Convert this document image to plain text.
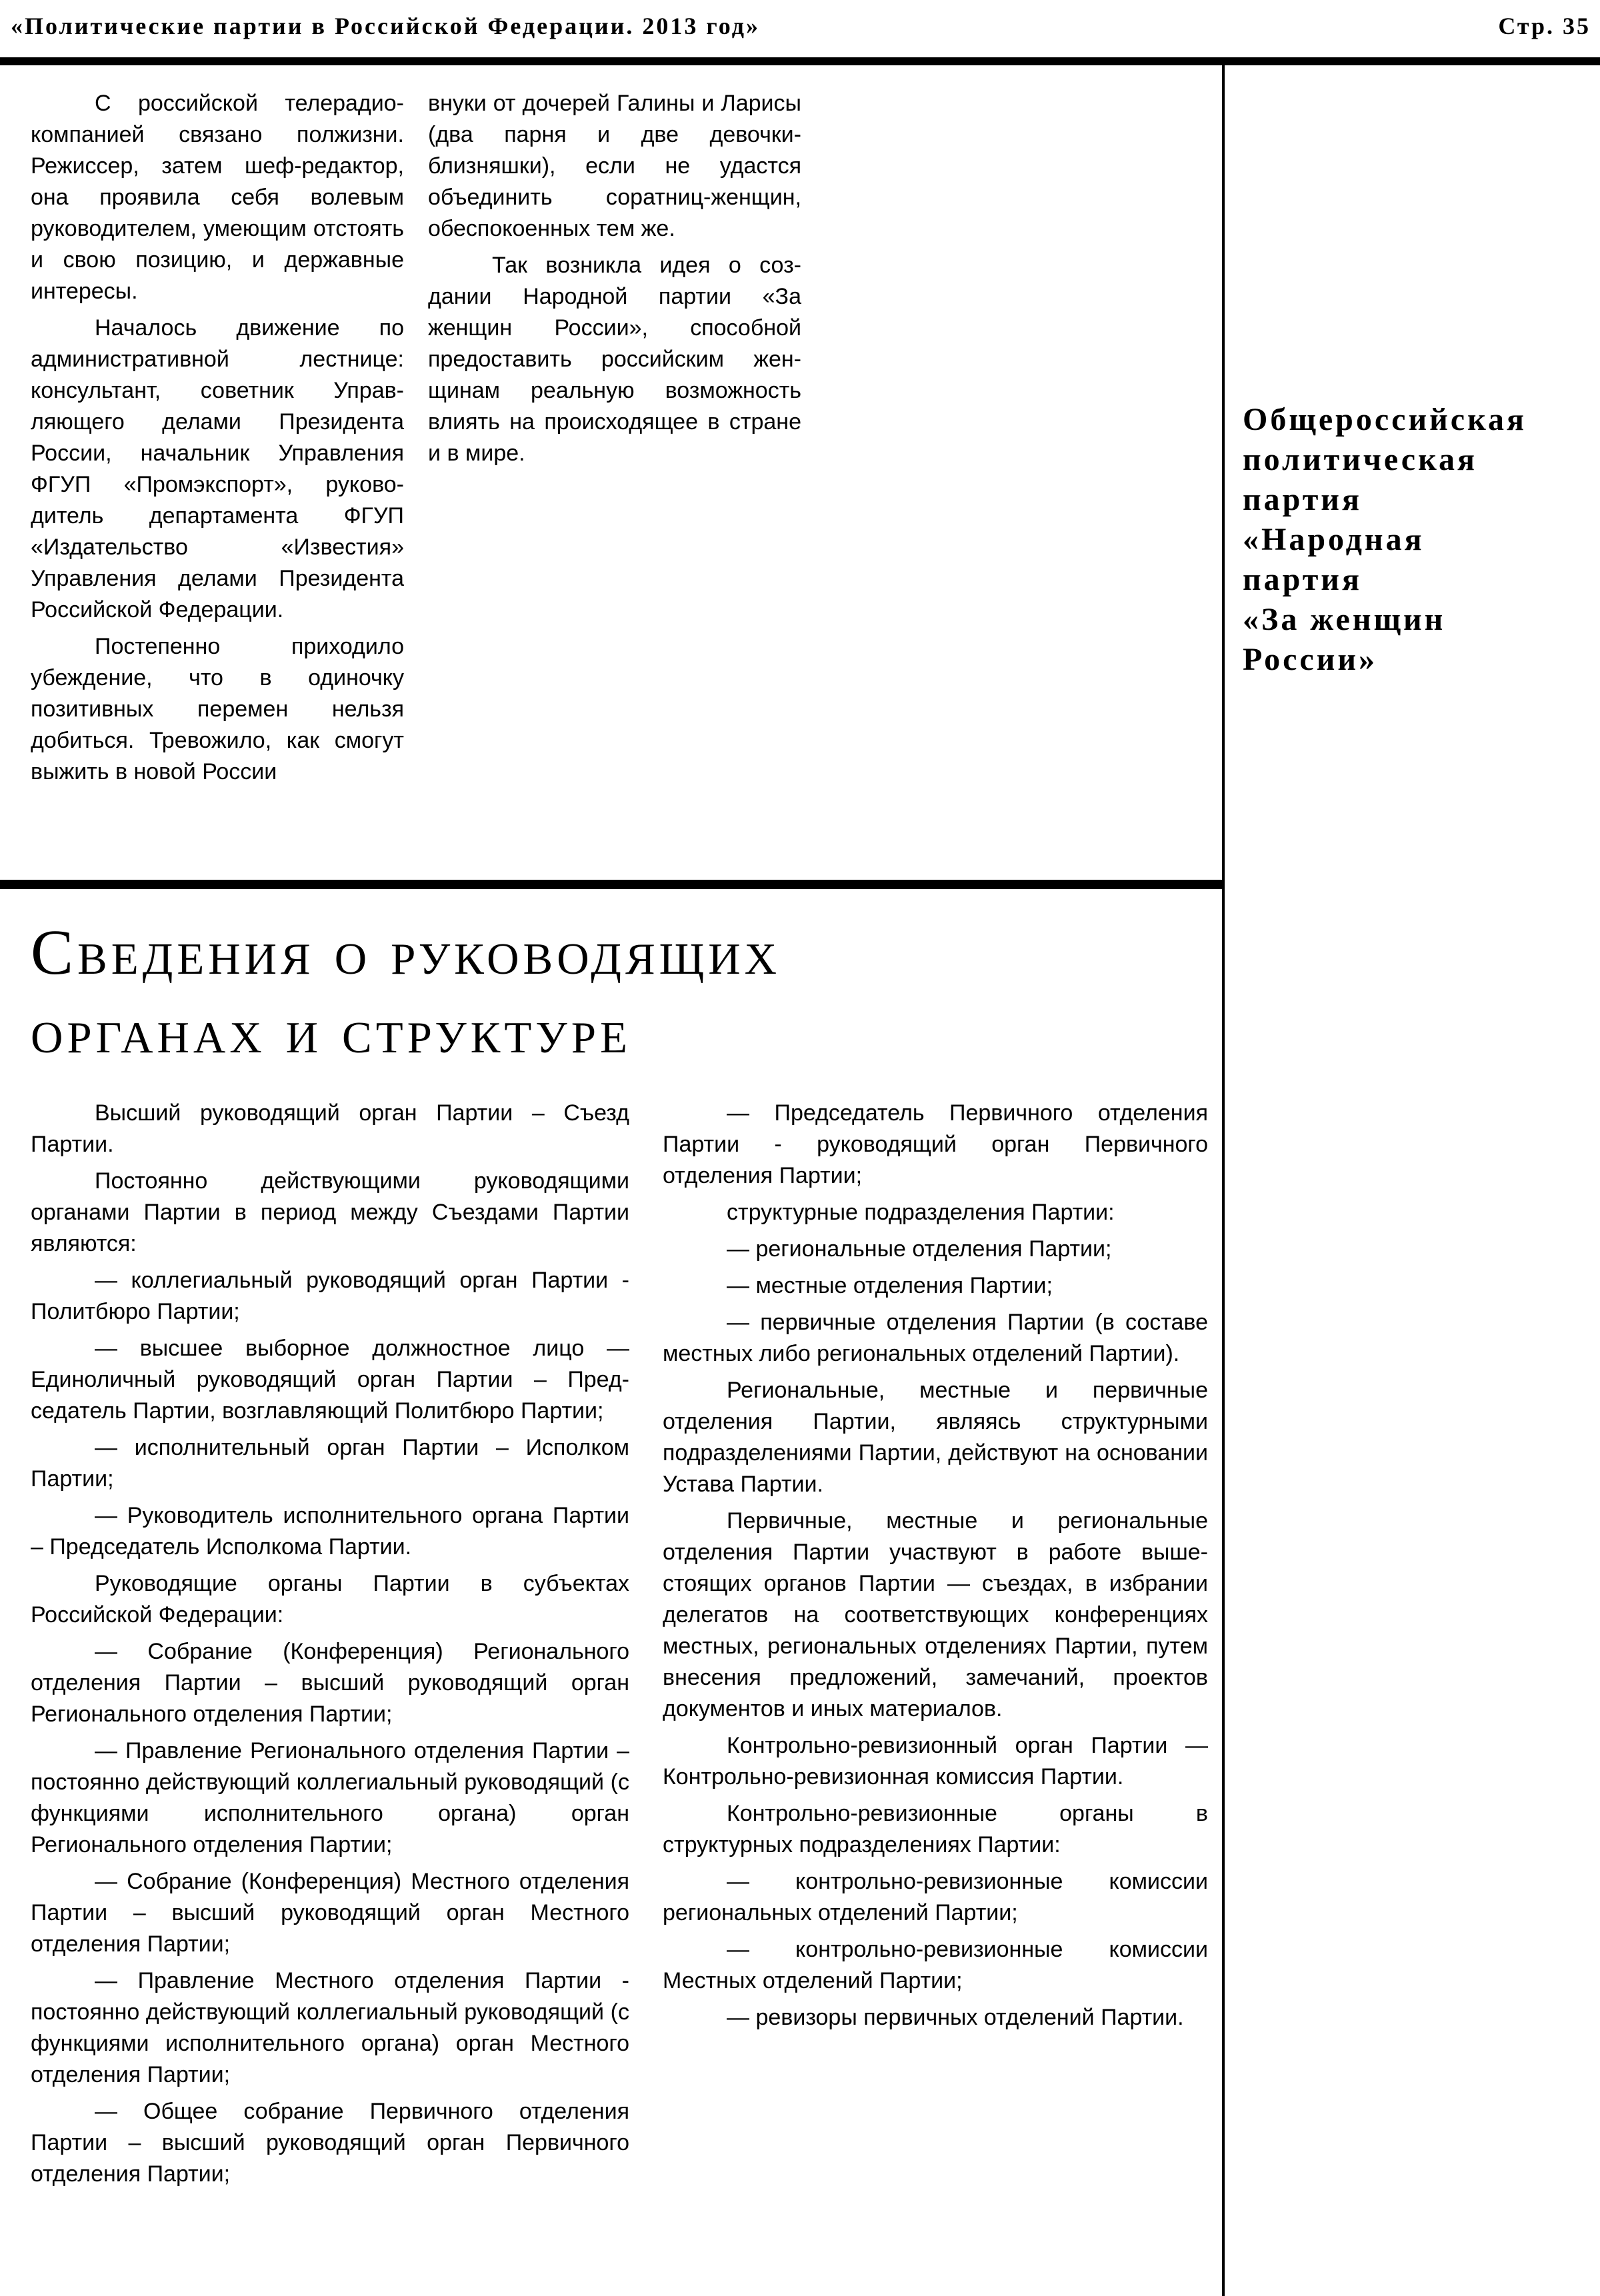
«Политические партии в Российской Федерации. 2013 год»	Стр. 35

С российской телерадиокомпанией связано полжизни. Режиссер, затем шеф-редактор, она проявила себя волевым руководителем, умеющим отстоять и свою позицию, и державные интересы.

Началось движение по административной лестнице: консультант, советник Управляющего делами Президента России, начальник Управления ФГУП «Промэкспорт», руководитель департамента ФГУП «Издательство «Известия» Управления делами Президента Российской Федерации.

Постепенно приходило убеждение, что в одиночку позитивных перемен нельзя добиться. Тревожило, как смогут выжить в новой России

внуки от дочерей Галины и Ларисы (два парня и две девочки-близняшки), если не удастся объединить соратниц-женщин, обеспокоенных тем же.

Так возникла идея о создании Народной партии «За женщин России», способной предоставить российским женщинам реальную возможность влиять на происходящее в стране и в мире.

Общероссийская
политическая
партия
«Народная
партия
«За женщин
России»
Сведения о руководящих
органах и структуре

Высший руководящий орган Партии – Съезд Партии.

Постоянно действующими руководящими органами Партии в период между Съездами Партии являются:

— коллегиальный руководящий орган Партии - Политбюро Партии;

— высшее выборное должностное лицо — Единоличный руководящий орган Партии – Председатель Партии, возглавляющий Политбюро Партии;

— исполнительный орган Партии – Исполком Партии;

— Руководитель исполнительного органа Партии – Председатель Исполкома Партии.

Руководящие органы Партии в субъектах Российской Федерации:

— Собрание (Конференция) Регионального отделения Партии – высший руководящий орган Регионального отделения Партии;

— Правление Регионального отделения Партии – постоянно действующий коллегиальный руководящий (с функциями исполнительного органа) орган Регионального отделения Партии;

— Собрание (Конференция) Местного отделения Партии – высший руководящий орган Местного отделения Партии;

— Правление Местного отделения Партии - постоянно действующий коллегиальный руководящий (с функциями исполнительного органа) орган Местного отделения Партии;

— Общее собрание Первичного отделения Партии – высший руководящий орган Первичного отделения Партии;

— Председатель Первичного отделения Партии - руководящий орган Первичного отделения Партии;

структурные подразделения Партии:

— региональные отделения Партии;

— местные отделения Партии;

— первичные отделения Партии (в составе местных либо региональных отделений Партии).

Региональные, местные и первичные отделения Партии, являясь структурными подразделениями Партии, действуют на основании Устава Партии.

Первичные, местные и региональные отделения Партии участвуют в работе вышестоящих органов Партии — съездах, в избрании делегатов на соответствующих конференциях местных, региональных отделениях Партии, путем внесения предложений, замечаний, проектов документов и иных материалов.

Контрольно-ревизионный орган Партии — Контрольно-ревизионная комиссия Партии.

Контрольно-ревизионные органы в структурных подразделениях Партии:

— контрольно-ревизионные комиссии региональных отделений Партии;

— контрольно-ревизионные комиссии Местных отделений Партии;

— ревизоры первичных отделений Партии.
